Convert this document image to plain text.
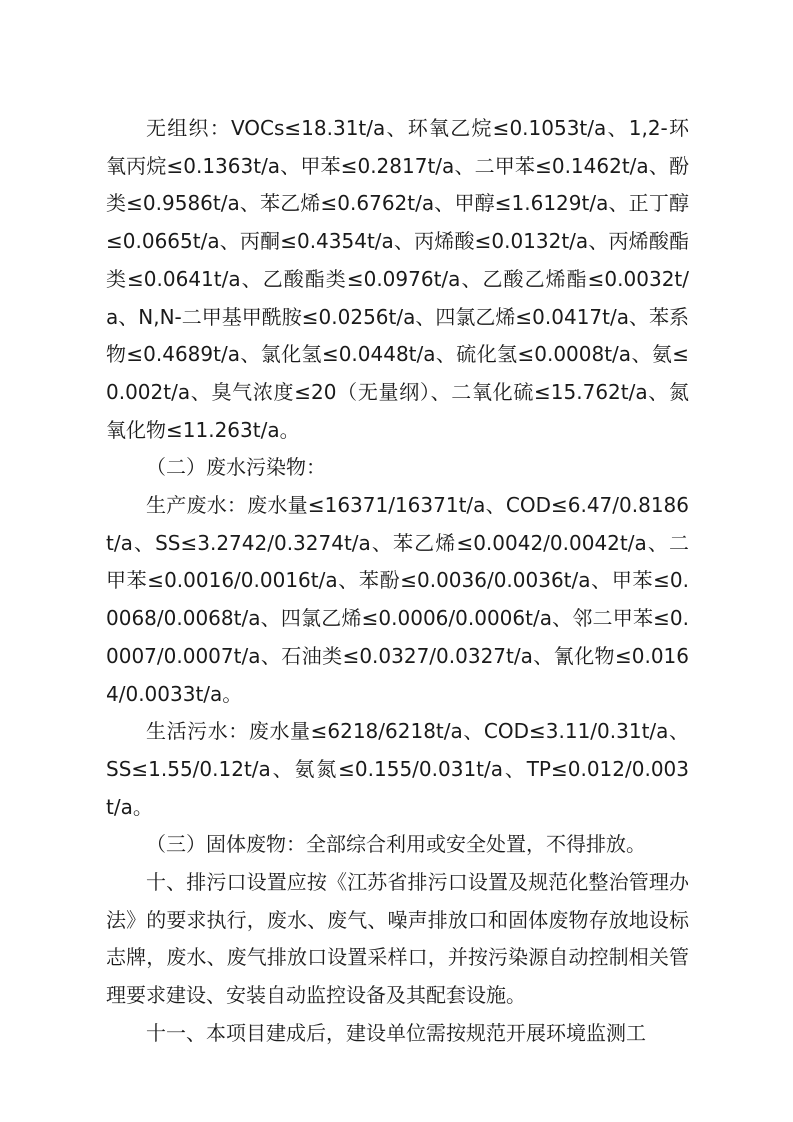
无组织：VOCs≤18.31t/a、环氧乙烷≤0.1053t/a、1,2-环氧丙烷≤0.1363t/a、甲苯≤0.2817t/a、二甲苯≤0.1462t/a、酚类≤0.9586t/a、苯乙烯≤0.6762t/a、甲醇≤1.6129t/a、正丁醇≤0.0665t/a、丙酮≤0.4354t/a、丙烯酸≤0.0132t/a、丙烯酸酯类≤0.0641t/a、乙酸酯类≤0.0976t/a、乙酸乙烯酯≤0.0032t/a、N,N-二甲基甲酰胺≤0.0256t/a、四氯乙烯≤0.0417t/a、苯系物≤0.4689t/a、氯化氢≤0.0448t/a、硫化氢≤0.0008t/a、氨≤0.002t/a、臭气浓度≤20（无量纲）、二氧化硫≤15.762t/a、氮氧化物≤11.263t/a。

（二）废水污染物：

生产废水：废水量≤16371/16371t/a、COD≤6.47/0.8186t/a、SS≤3.2742/0.3274t/a、苯乙烯≤0.0042/0.0042t/a、二甲苯≤0.0016/0.0016t/a、苯酚≤0.0036/0.0036t/a、甲苯≤0.0068/0.0068t/a、四氯乙烯≤0.0006/0.0006t/a、邻二甲苯≤0.0007/0.0007t/a、石油类≤0.0327/0.0327t/a、氰化物≤0.0164/0.0033t/a。

生活污水：废水量≤6218/6218t/a、COD≤3.11/0.31t/a、SS≤1.55/0.12t/a、氨氮≤0.155/0.031t/a、TP≤0.012/0.003t/a。

（三）固体废物：全部综合利用或安全处置，不得排放。

十、排污口设置应按《江苏省排污口设置及规范化整治管理办法》的要求执行，废水、废气、噪声排放口和固体废物存放地设标志牌，废水、废气排放口设置采样口，并按污染源自动控制相关管理要求建设、安装自动监控设备及其配套设施。

十一、本项目建成后，建设单位需按规范开展环境监测工
